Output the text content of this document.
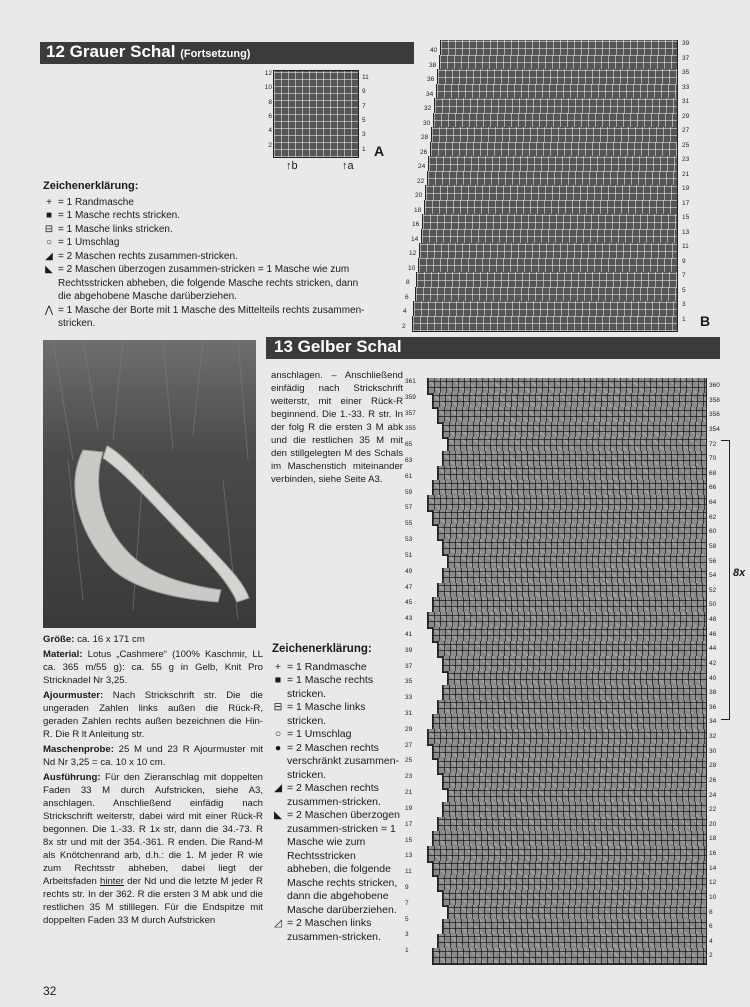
12 Grauer Schal (Fortsetzung)
12
10
8
6
4
2
11
9
7
5
3
1 A
↑b	↑a
40
39
38
37
36
35
34
33
32
31
30
29
28
27
26
25
24
23
22
21
20
19
18
17
16
15
14
13
12
11
10
9
8
7
6
5
4
3
2
1 B
Zeichenerklärung:
+ = 1 Randmasche
■ = 1 Masche rechts stricken.
⊟ = 1 Masche links stricken.
○ = 1 Umschlag
◢ = 2 Maschen rechts zusammen-stricken.
◣ = 2 Maschen überzogen zusammen-stricken = 1 Masche wie zum Rechtsstricken abheben, die folgende Masche rechts stricken, dann die abgehobene Masche darüberziehen.
⋀ = 1 Masche der Borte mit 1 Masche des Mittelteils rechts zusammen-stricken.
13 Gelber Schal
anschlagen. – Anschließend einfädig nach Strickschrift weiterstr, mit einer Rück-R beginnend. Die 1.-33. R str. In der folg R die ersten 3 M abk und die restlichen 35 M mit den stillgelegten M des Schals im Maschenstich miteinander verbinden, siehe Seite A3.

Größe: ca. 16 x 171 cm

Material: Lotus „Cashmere“ (100% Kaschmir, LL ca. 365 m/55 g): ca. 55 g in Gelb, Knit Pro Stricknadel Nr 3,25.

Ajourmuster: Nach Strickschrift str. Die die ungeraden Zahlen links außen die Rück-R, geraden Zahlen rechts außen bezeichnen die Hin-R. Die R lt Anleitung str.

Maschenprobe: 25 M und 23 R Ajourmuster mit Nd Nr 3,25 = ca. 10 x 10 cm.

Ausführung: Für den Zieranschlag mit doppelten Faden 33 M durch Aufstricken, siehe A3, anschlagen. Anschließend einfädig nach Strickschrift weiterstr, dabei wird mit einer Rück-R begonnen. Die 1.-33. R 1x str, dann die 34.-73. R 8x str und mit der 354.-361. R enden. Die Rand-M als Knötchenrand arb, d.h.: die 1. M jeder R wie zum Rechtsstr abheben, dabei liegt der Arbeitsfaden hinter der Nd und die letzte M jeder R rechts str. In der 362. R die ersten 3 M abk und die restlichen 35 M stilllegen. Für die Endspitze mit doppelten Faden 33 M durch Aufstricken

Zeichenerklärung:
+ = 1 Randmasche
■ = 1 Masche rechts stricken.
⊟ = 1 Masche links stricken.
○ = 1 Umschlag
● = 2 Maschen rechts verschränkt zusammen-stricken.
◢ = 2 Maschen rechts zusammen-stricken.
◣ = 2 Maschen überzogen zusammen-stricken = 1 Masche wie zum Rechtsstricken abheben, die folgende Masche rechts stricken, dann die abgehobene Masche darüberziehen.
◿ = 2 Maschen links zusammen-stricken.
361
359
357
355
65
63
61
59
57
55
53
51
49
47
45
43
41
39
37
35
33
31
29
27
25
23
21
19
17
15
13
11
9
7
5
3
1
360
358
356
354
72
70
68
66
64
62
60
58
56
54
52
50
48
46
44
42
40
38
36
34
32
30
28
26
24
22
20
18
16
14
12
10
8
6
4
2
8x
32
